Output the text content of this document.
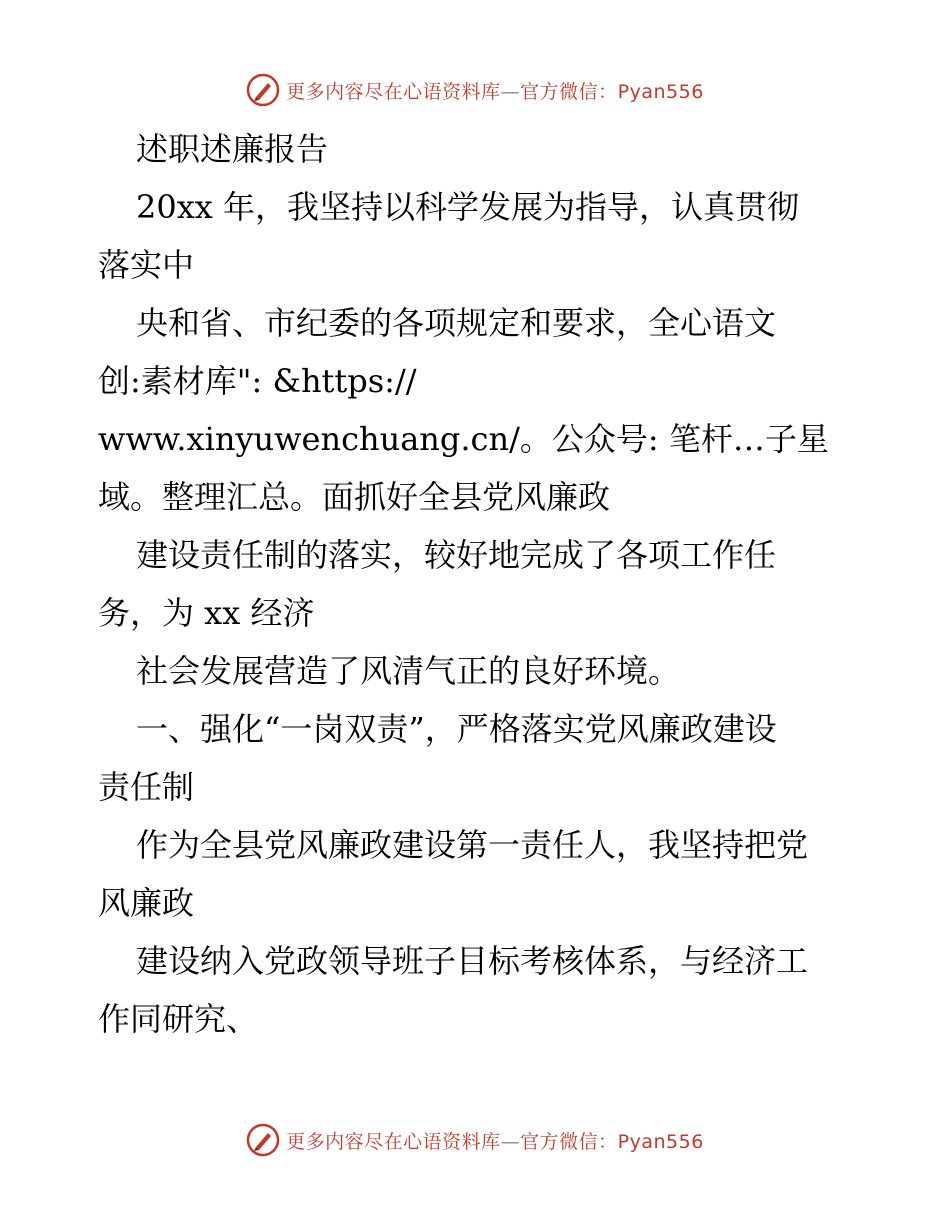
更多内容尽在心语资料库—官方微信：Pyan556
述职述廉报告
20xx 年，我坚持以科学发展为指导，认真贯彻
落实中
央和省、市纪委的各项规定和要求，全心语文
创:素材库": &https://
www.xinyuwenchuang.cn/。公众号: 笔杆…子星
域。整理汇总。面抓好全县党风廉政
建设责任制的落实，较好地完成了各项工作任
务，为 xx 经济
社会发展营造了风清气正的良好环境。
一、强化“一岗双责”，严格落实党风廉政建设
责任制
作为全县党风廉政建设第一责任人，我坚持把党
风廉政
建设纳入党政领导班子目标考核体系，与经济工
作同研究、
更多内容尽在心语资料库—官方微信：Pyan556
